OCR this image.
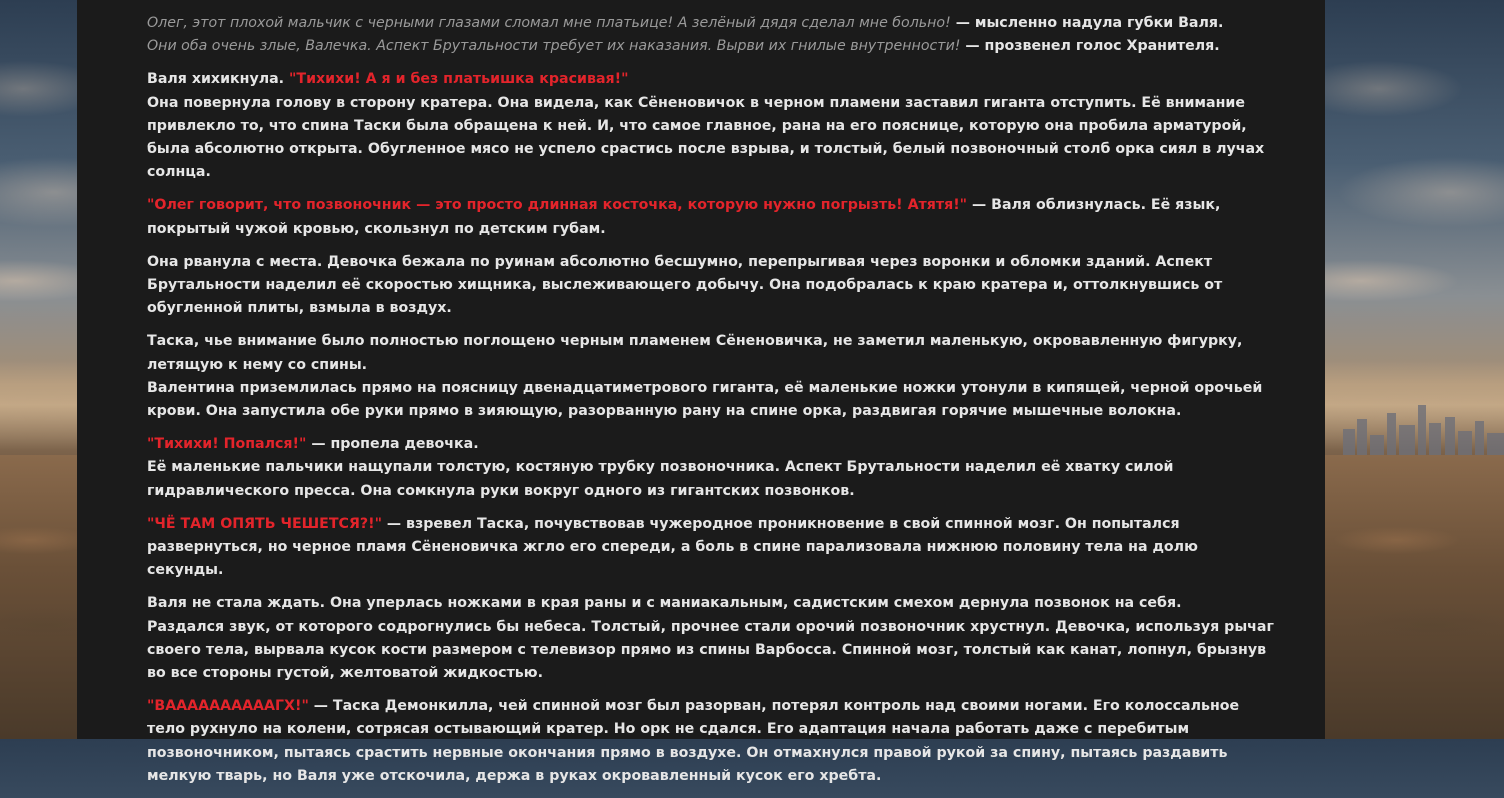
Олег, этот плохой мальчик с черными глазами сломал мне платьице! А зелёный дядя сделал мне больно! — мысленно надула губки Валя.
Они оба очень злые, Валечка. Аспект Брутальности требует их наказания. Вырви их гнилые внутренности! — прозвенел голос Хранителя.

Валя хихикнула. "Тихихи! А я и без платьишка красивая!"
Она повернула голову в сторону кратера. Она видела, как Сёненовичок в черном пламени заставил гиганта отступить. Её внимание привлекло то, что спина Таски была обращена к ней. И, что самое главное, рана на его пояснице, которую она пробила арматурой, была абсолютно открыта. Обугленное мясо не успело срастись после взрыва, и толстый, белый позвоночный столб орка сиял в лучах солнца.

"Олег говорит, что позвоночник — это просто длинная косточка, которую нужно погрызть! Атятя!" — Валя облизнулась. Её язык, покрытый чужой кровью, скользнул по детским губам.

Она рванула с места. Девочка бежала по руинам абсолютно бесшумно, перепрыгивая через воронки и обломки зданий. Аспект Брутальности наделил её скоростью хищника, выслеживающего добычу. Она подобралась к краю кратера и, оттолкнувшись от обугленной плиты, взмыла в воздух.

Таска, чье внимание было полностью поглощено черным пламенем Сёненовичка, не заметил маленькую, окровавленную фигурку, летящую к нему со спины.
Валентина приземлилась прямо на поясницу двенадцатиметрового гиганта, её маленькие ножки утонули в кипящей, черной орочьей крови. Она запустила обе руки прямо в зияющую, разорванную рану на спине орка, раздвигая горячие мышечные волокна.

"Тихихи! Попался!" — пропела девочка.
Её маленькие пальчики нащупали толстую, костяную трубку позвоночника. Аспект Брутальности наделил её хватку силой гидравлического пресса. Она сомкнула руки вокруг одного из гигантских позвонков.

"ЧЁ ТАМ ОПЯТЬ ЧЕШЕТСЯ?!" — взревел Таска, почувствовав чужеродное проникновение в свой спинной мозг. Он попытался развернуться, но черное пламя Сёненовичка жгло его спереди, а боль в спине парализовала нижнюю половину тела на долю секунды.

Валя не стала ждать. Она уперлась ножками в края раны и с маниакальным, садистским смехом дернула позвонок на себя.
Раздался звук, от которого содрогнулись бы небеса. Толстый, прочнее стали орочий позвоночник хрустнул. Девочка, используя рычаг своего тела, вырвала кусок кости размером с телевизор прямо из спины Варбосса. Спинной мозг, толстый как канат, лопнул, брызнув во все стороны густой, желтоватой жидкостью.

"ВААААААААААГХ!" — Таска Демонкилла, чей спинной мозг был разорван, потерял контроль над своими ногами. Его колоссальное тело рухнуло на колени, сотрясая остывающий кратер. Но орк не сдался. Его адаптация начала работать даже с перебитым позвоночником, пытаясь срастить нервные окончания прямо в воздухе. Он отмахнулся правой рукой за спину, пытаясь раздавить мелкую тварь, но Валя уже отскочила, держа в руках окровавленный кусок его хребта.
